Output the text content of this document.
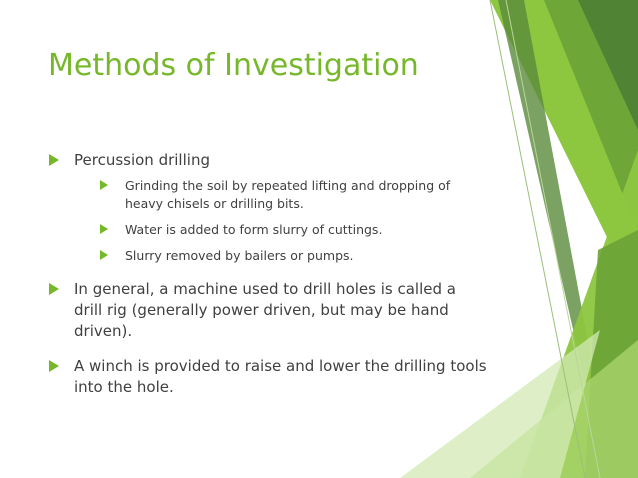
Methods of Investigation
Percussion drilling
Grinding the soil by repeated lifting and dropping of heavy chisels or drilling bits.
Water is added to form slurry of cuttings.
Slurry removed by bailers or pumps.
In general, a machine used to drill holes is called a drill rig (generally power driven, but may be hand driven).
A winch is provided to raise and lower the drilling tools into the hole.
